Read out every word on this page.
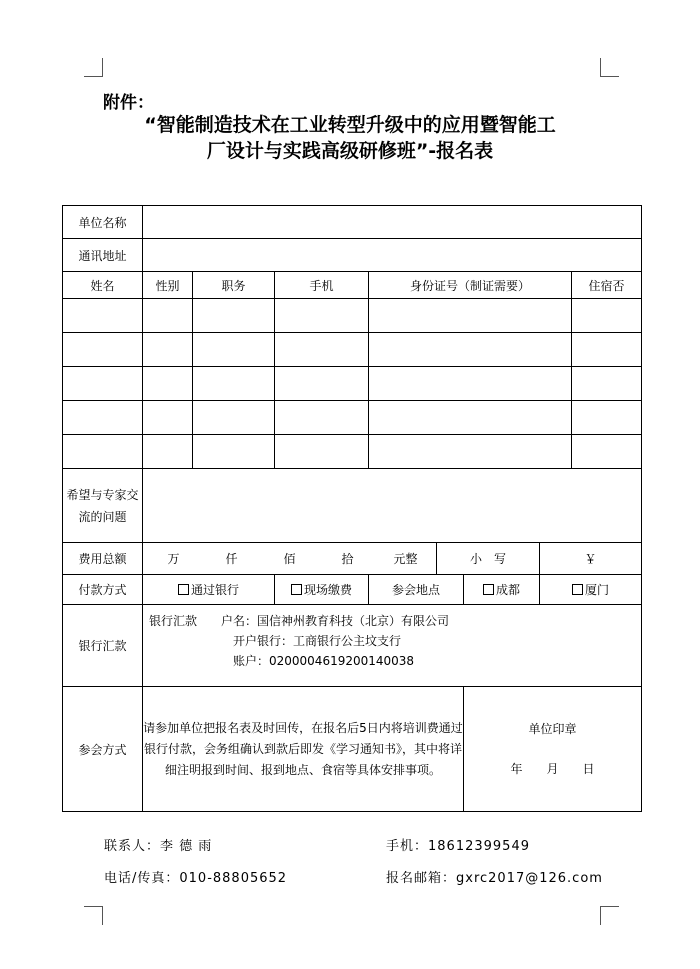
附件：
“智能制造技术在工业转型升级中的应用暨智能工
厂设计与实践高级研修班”-报名表
单位名称								
通讯地址								
姓名	性别	职务	手机	身份证号（制证需要）				住宿否

希望与专家交流的问题								
费用总额	万 仟 佰 拾 元整				小　写		￥	
付款方式	通过银行		现场缴费	参会地点		成都	厦门	
银行汇款	银行汇款　　户名：国信神州教育科技（北京）有限公司
开户银行：工商银行公主坟支行
账户：0200004619200140038							

参会方式	请参加单位把报名表及时回传，在报名后5日内将培训费通过银行付款，会务组确认到款后即发《学习通知书》，其中将详细注明报到时间、报到地点、食宿等具体安排事项。					单位印章
年　　月　　日		
联系人：李 德 雨	手机：18612399549
电话/传真：010-88805652	报名邮箱：gxrc2017@126.com
